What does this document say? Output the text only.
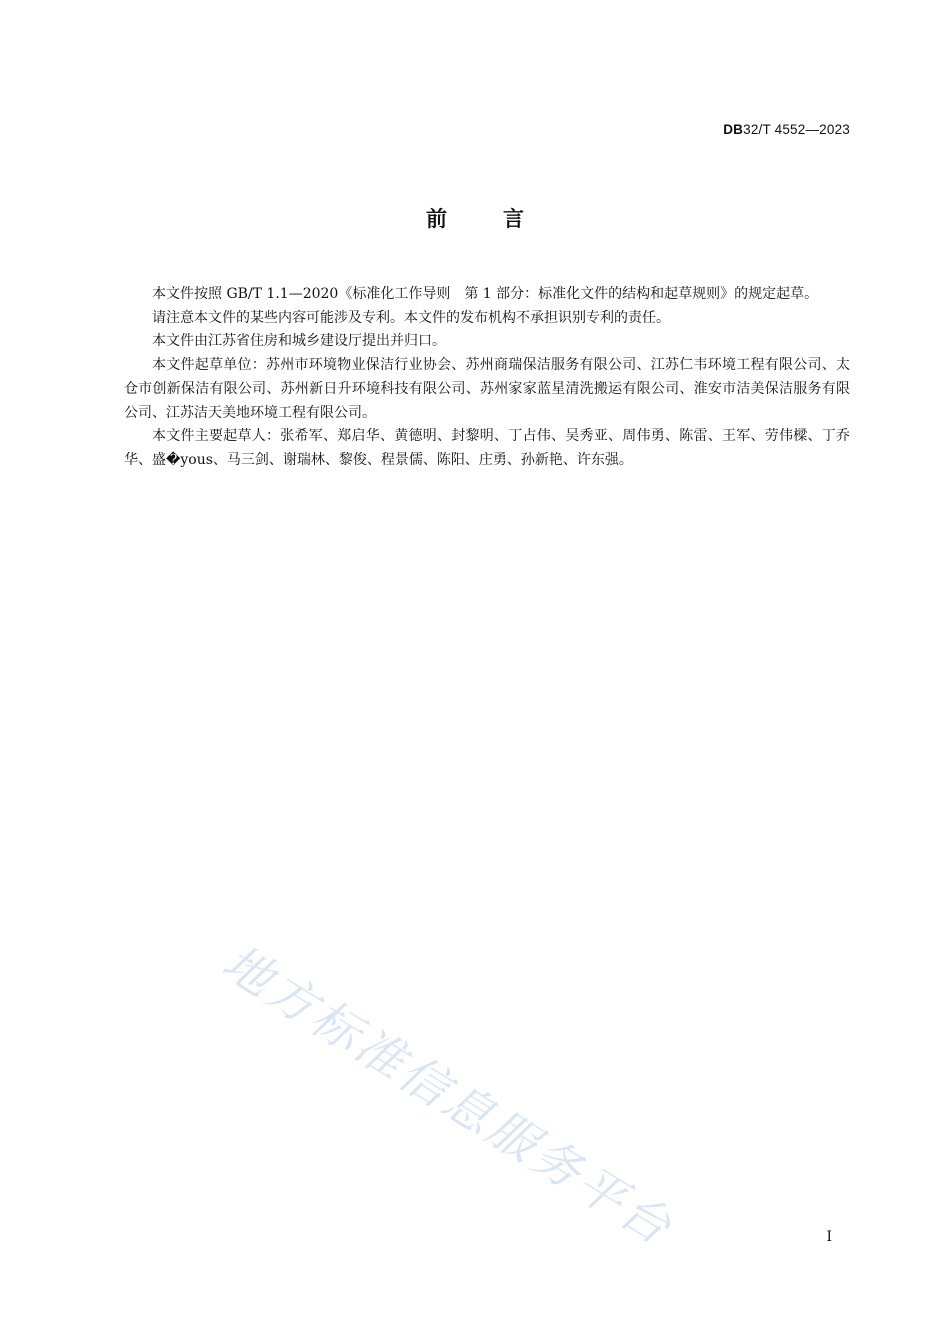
DB32/T 4552—2023
前言

本文件按照 GB/T 1.1—2020《标准化工作导则　第 1 部分：标准化文件的结构和起草规则》的规定起草。

请注意本文件的某些内容可能涉及专利。本文件的发布机构不承担识别专利的责任。

本文件由江苏省住房和城乡建设厅提出并归口。

本文件起草单位：苏州市环境物业保洁行业协会、苏州商瑞保洁服务有限公司、江苏仁韦环境工程有限公司、太仓市创新保洁有限公司、苏州新日升环境科技有限公司、苏州家家蓝星清洗搬运有限公司、淮安市洁美保洁服务有限公司、江苏洁天美地环境工程有限公司。

本文件主要起草人：张希军、郑启华、黄德明、封黎明、丁占伟、吴秀亚、周伟勇、陈雷、王军、劳伟樑、丁乔华、盛�yous、马三剑、谢瑞林、黎俊、程景儒、陈阳、庄勇、孙新艳、许东强。

地方标准信息服务平台	I
